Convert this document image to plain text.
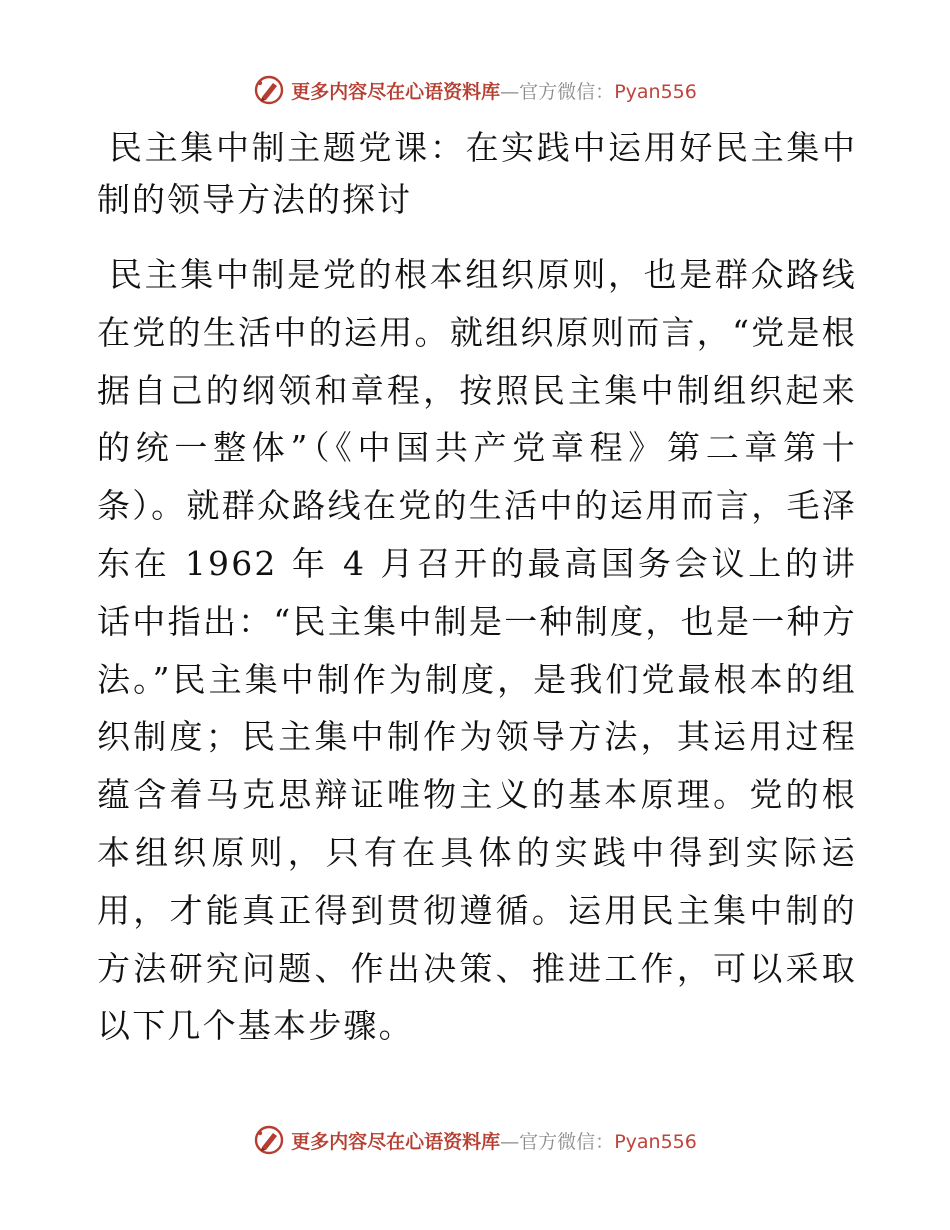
更多内容尽在心语资料库—官方微信：Pyan556
民主集中制主题党课：在实践中运用好民主集中制的领导方法的探讨

民主集中制是党的根本组织原则，也是群众路线在党的生活中的运用。就组织原则而言，“党是根据自己的纲领和章程，按照民主集中制组织起来的统一整体”（《中国共产党章程》第二章第十条）。就群众路线在党的生活中的运用而言，毛泽东在 1962 年 4 月召开的最高国务会议上的讲话中指出：“民主集中制是一种制度，也是一种方法。”民主集中制作为制度，是我们党最根本的组织制度；民主集中制作为领导方法，其运用过程蕴含着马克思辩证唯物主义的基本原理。党的根本组织原则，只有在具体的实践中得到实际运用，才能真正得到贯彻遵循。运用民主集中制的方法研究问题、作出决策、推进工作，可以采取以下几个基本步骤。

更多内容尽在心语资料库—官方微信：Pyan556
